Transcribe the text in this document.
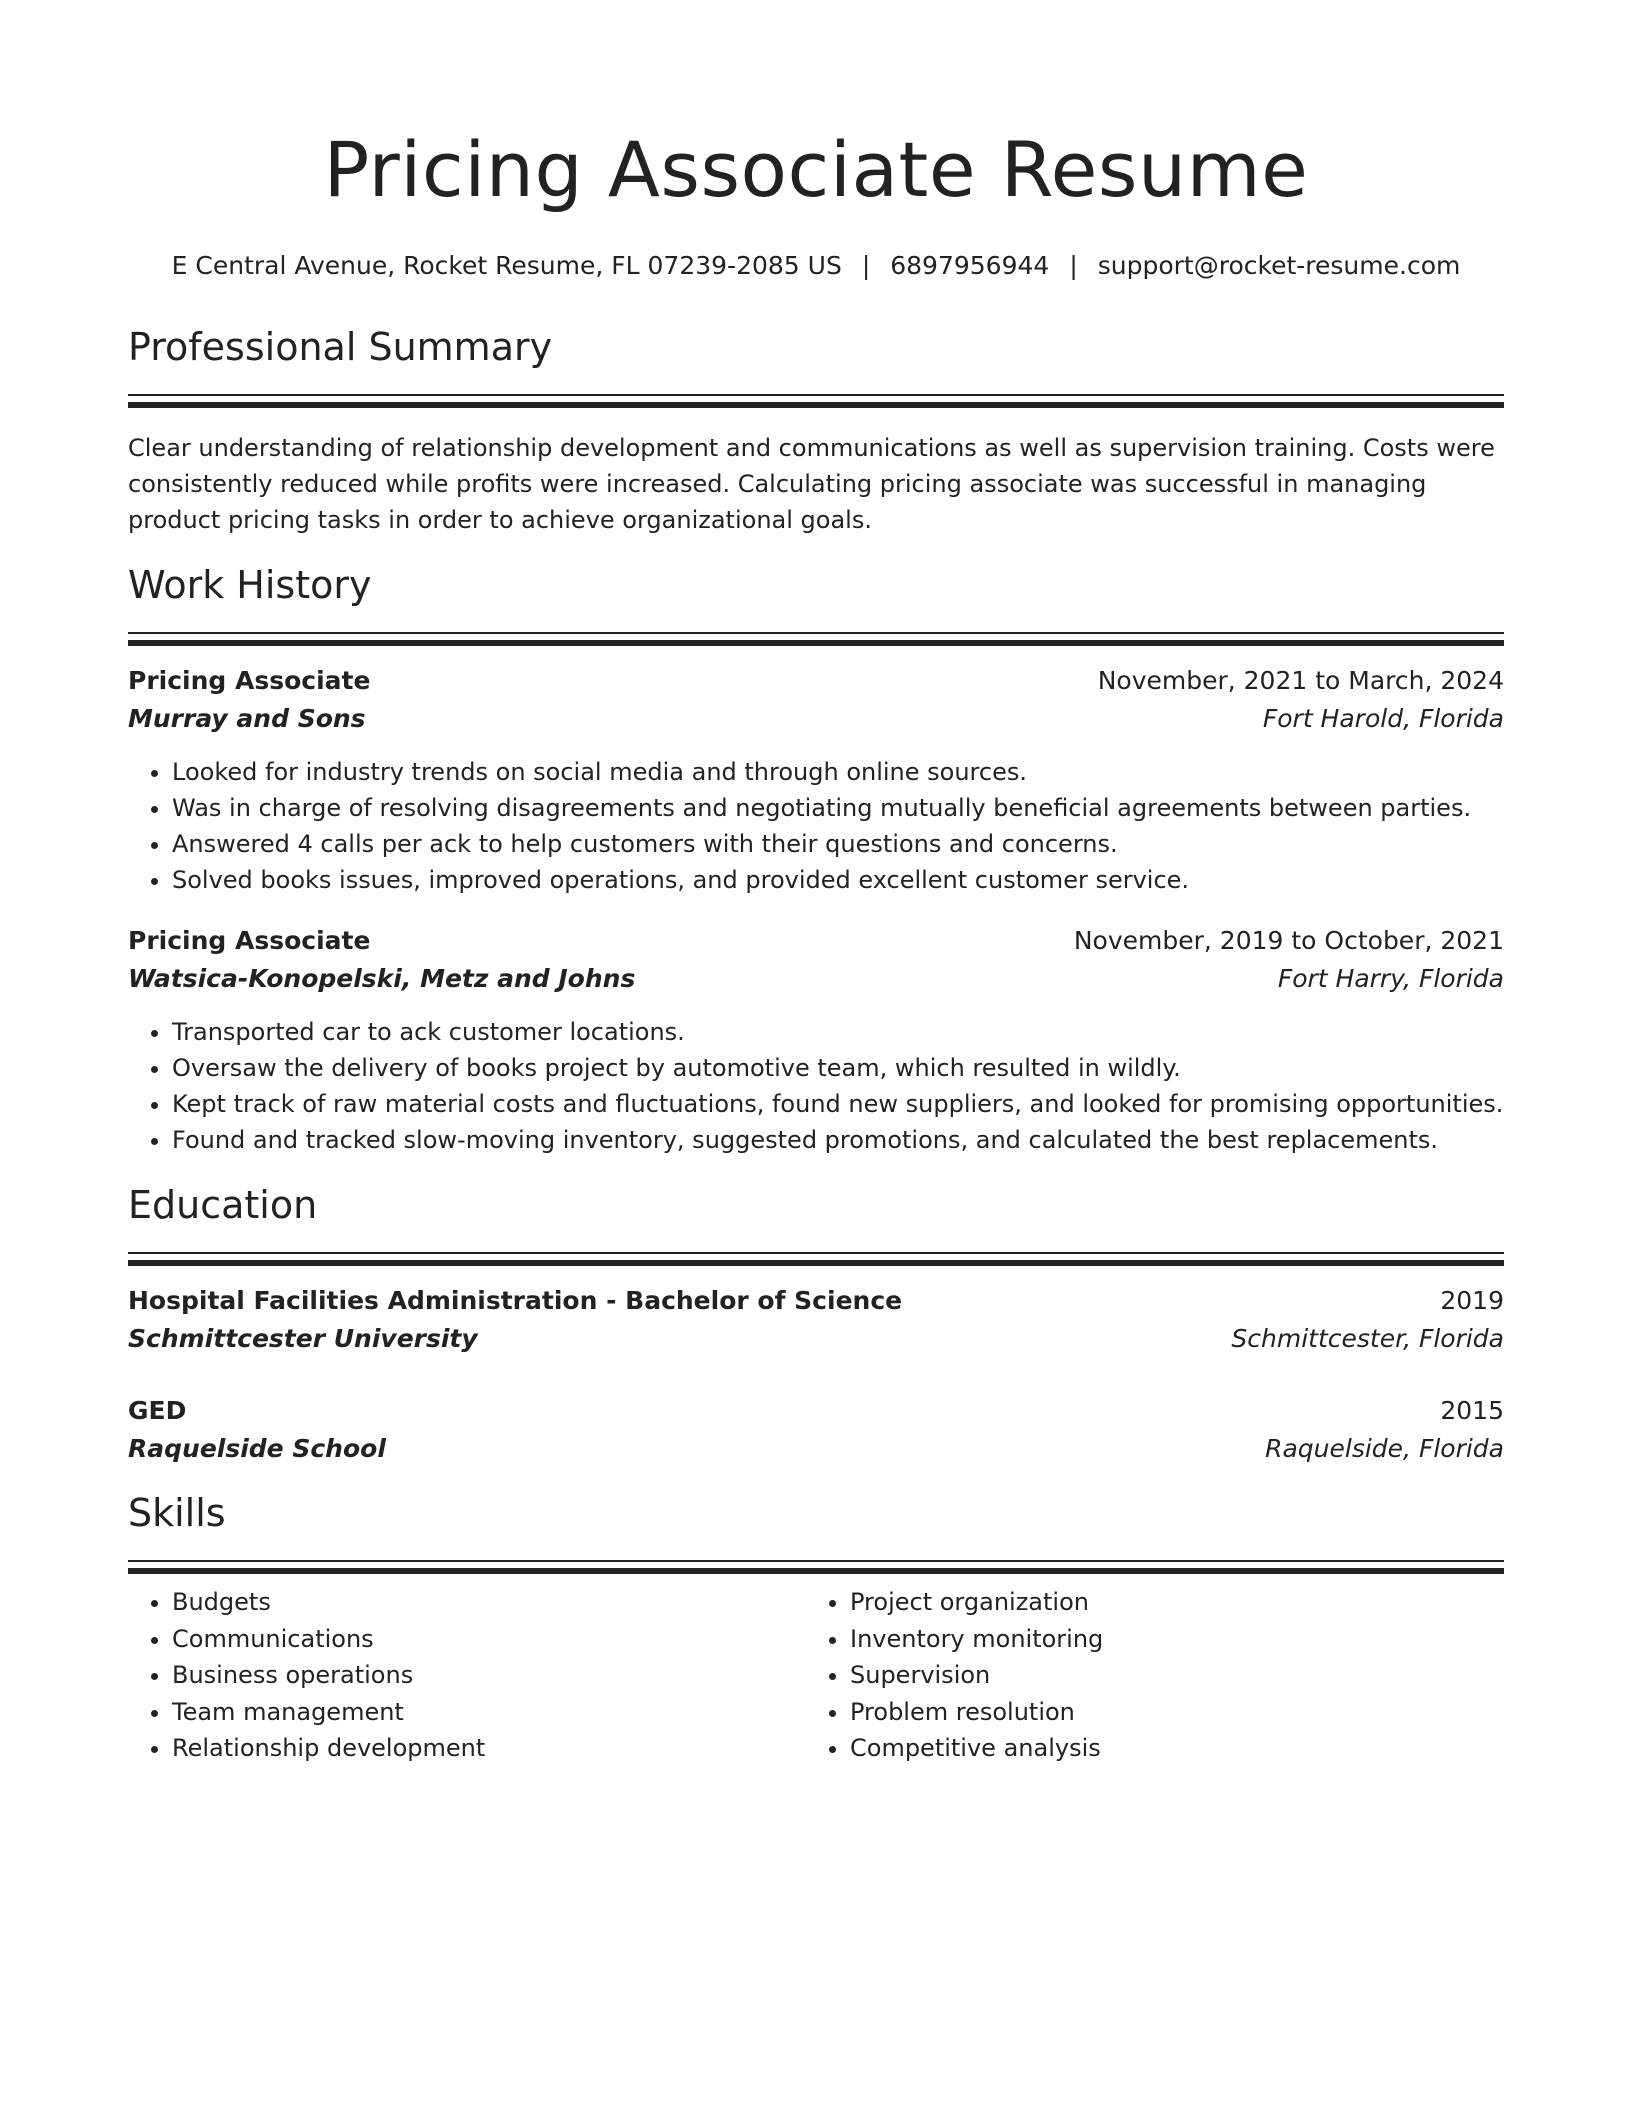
Pricing Associate Resume
E Central Avenue, Rocket Resume, FL 07239-2085 US | 6897956944 | support@rocket-resume.com
Professional Summary

Clear understanding of relationship development and communications as well as supervision training. Costs were consistently reduced while profits were increased. Calculating pricing associate was successful in managing product pricing tasks in order to achieve organizational goals.

Work History
Pricing Associate	November, 2021 to March, 2024
Murray and Sons	Fort Harold, Florida
• Looked for industry trends on social media and through online sources.
• Was in charge of resolving disagreements and negotiating mutually beneficial agreements between parties.
• Answered 4 calls per ack to help customers with their questions and concerns.
• Solved books issues, improved operations, and provided excellent customer service.
Pricing Associate	November, 2019 to October, 2021
Watsica-Konopelski, Metz and Johns	Fort Harry, Florida
• Transported car to ack customer locations.
• Oversaw the delivery of books project by automotive team, which resulted in wildly.
• Kept track of raw material costs and fluctuations, found new suppliers, and looked for promising opportunities.
• Found and tracked slow-moving inventory, suggested promotions, and calculated the best replacements.
Education
Hospital Facilities Administration - Bachelor of Science	2019
Schmittcester University	Schmittcester, Florida
GED	2015
Raquelside School	Raquelside, Florida
Skills
• Budgets
• Communications
• Business operations
• Team management
• Relationship development
• Project organization
• Inventory monitoring
• Supervision
• Problem resolution
• Competitive analysis
